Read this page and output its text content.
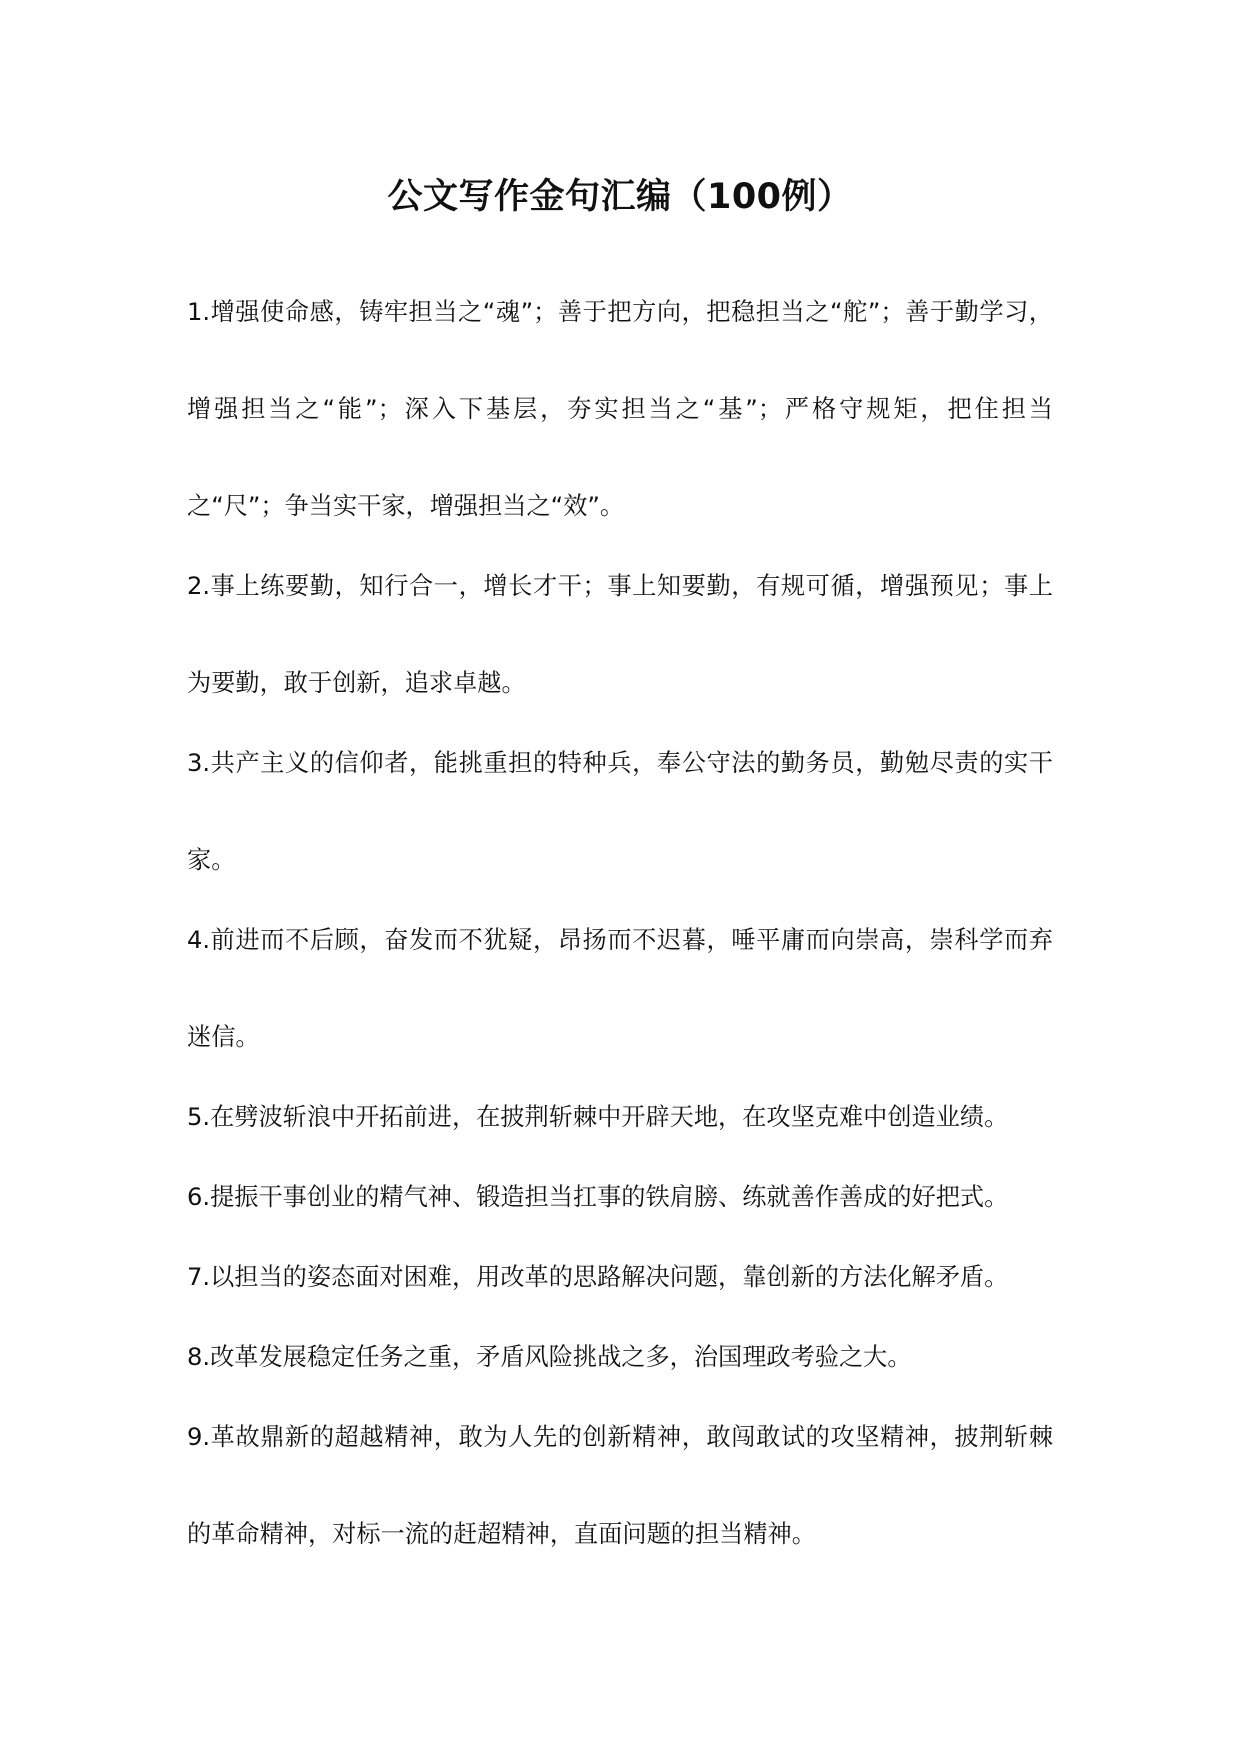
公文写作金句汇编（100例）

1.增强使命感，铸牢担当之“魂”；善于把方向，把稳担当之“舵”；善于勤学习，增强担当之“能”；深入下基层，夯实担当之“基”；严格守规矩，把住担当之“尺”；争当实干家，增强担当之“效”。

2.事上练要勤，知行合一，增长才干；事上知要勤，有规可循，增强预见；事上为要勤，敢于创新，追求卓越。

3.共产主义的信仰者，能挑重担的特种兵，奉公守法的勤务员，勤勉尽责的实干家。

4.前进而不后顾，奋发而不犹疑，昂扬而不迟暮，唾平庸而向崇高，崇科学而弃迷信。

5.在劈波斩浪中开拓前进，在披荆斩棘中开辟天地，在攻坚克难中创造业绩。

6.提振干事创业的精气神、锻造担当扛事的铁肩膀、练就善作善成的好把式。

7.以担当的姿态面对困难，用改革的思路解决问题，靠创新的方法化解矛盾。

8.改革发展稳定任务之重，矛盾风险挑战之多，治国理政考验之大。

9.革故鼎新的超越精神，敢为人先的创新精神，敢闯敢试的攻坚精神，披荆斩棘的革命精神，对标一流的赶超精神，直面问题的担当精神。
